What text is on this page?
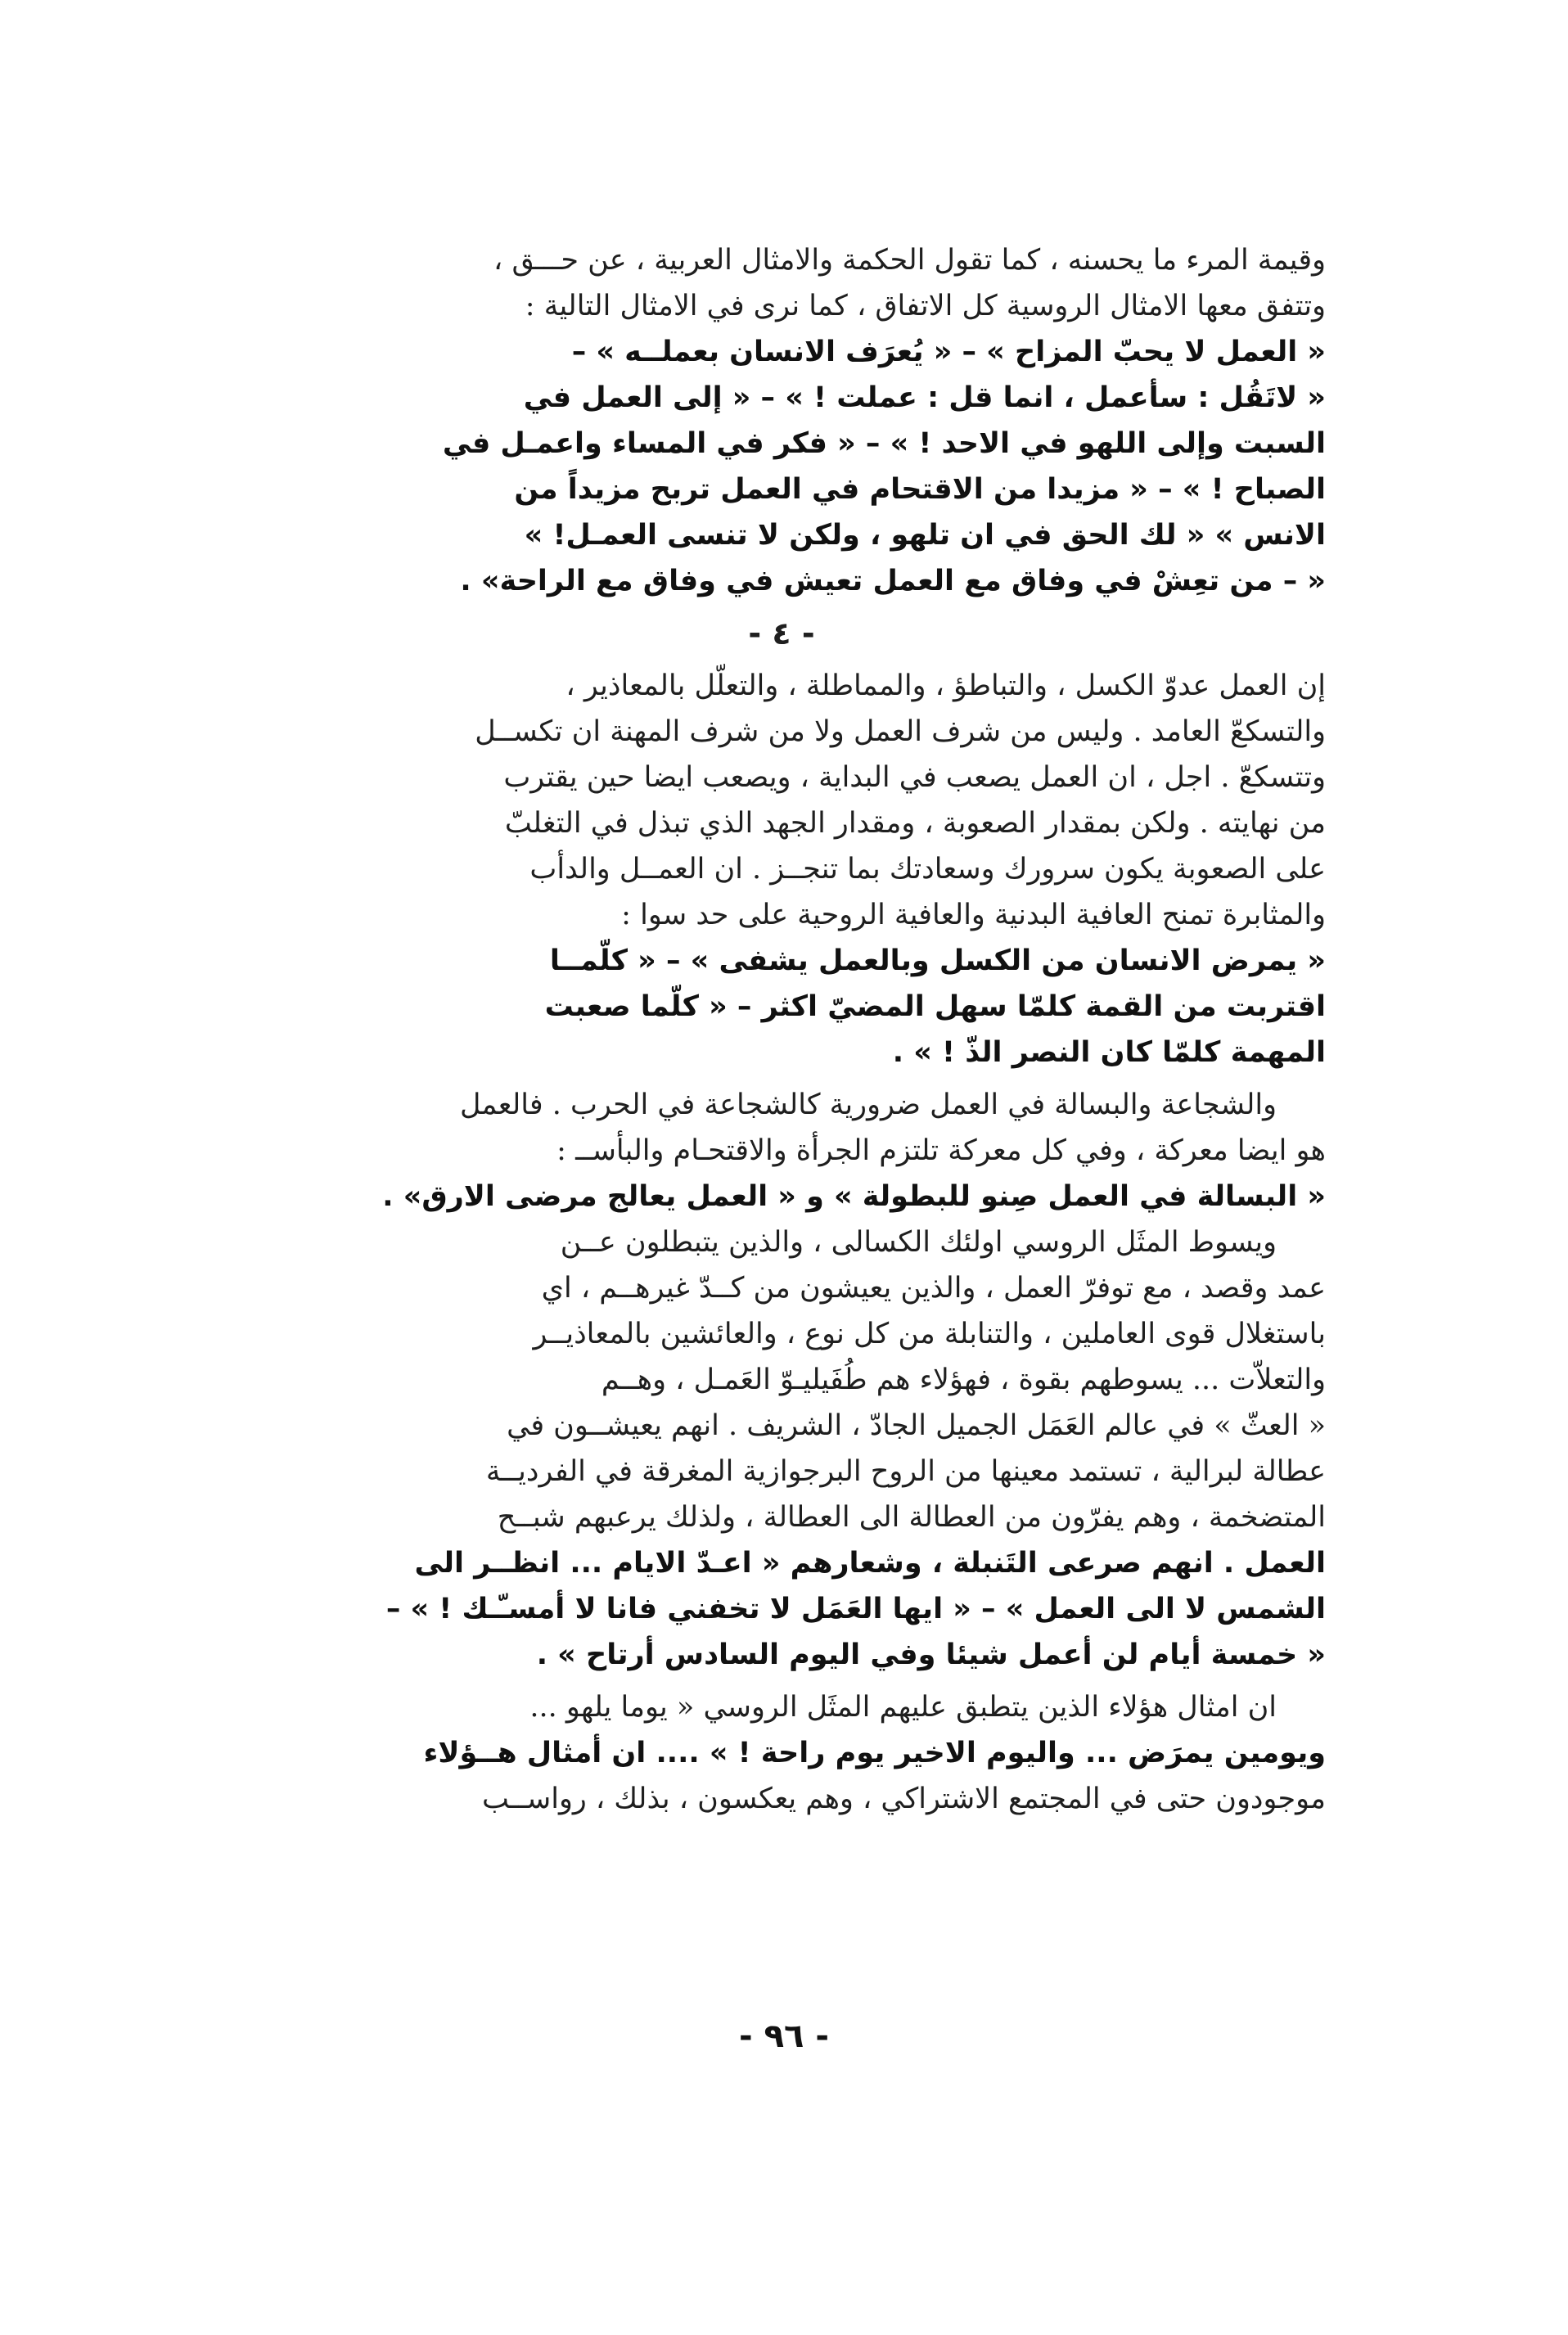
وقيمة المرء ما يحسنه ، كما تقول الحكمة والامثال العربية ، عن حـــق ،
وتتفق معها الامثال الروسية كل الاتفاق ، كما نرى في الامثال التالية :
« العمل لا يحبّ المزاح » – « يُعرَف الانسان بعملــه » –
« لاتَقُل : سأعمل ، انما قل : عملت ! » – « إلى العمل في
السبت وإلى اللهو في الاحد ! » – « فكر في المساء واعمـل في
الصباح ! » – « مزيدا من الاقتحام في العمل تربح مزيداً من
الانس » « لك الحق في ان تلهو ، ولكن لا تنسى العمـل! »
« – من تعِشْ في وفاق مع العمل تعيش في وفاق مع الراحة» .
- ٤ -
إن العمل عدوّ الكسل ، والتباطؤ ، والمماطلة ، والتعلّل بالمعاذير ،
والتسكعّ العامد . وليس من شرف العمل ولا من شرف المهنة ان تكســل
وتتسكعّ . اجل ، ان العمل يصعب في البداية ، ويصعب ايضا حين يقترب
من نهايته . ولكن بمقدار الصعوبة ، ومقدار الجهد الذي تبذل في التغلبّ
على الصعوبة يكون سرورك وسعادتك بما تنجــز . ان العمــل والدأب
والمثابرة تمنح العافية البدنية والعافية الروحية على حد سوا :
« يمرض الانسان من الكسل وبالعمل يشفى » – « كلّمــا
اقتربت من القمة كلمّا سهل المضيّ اكثر – « كلّما صعبت
المهمة كلمّا كان النصر الذّ ! » .
والشجاعة والبسالة في العمل ضرورية كالشجاعة في الحرب . فالعمل
هو ايضا معركة ، وفي كل معركة تلتزم الجرأة والاقتحـام والبأســ :
« البسالة في العمل صِنو للبطولة » و « العمل يعالج مرضى الارق» .
ويسوط المثَل الروسي اولئك الكسالى ، والذين يتبطلون عــن
عمد وقصد ، مع توفرّ العمل ، والذين يعيشون من كــدّ غيرهــم ، اي
باستغلال قوى العاملين ، والتنابلة من كل نوع ، والعائشين بالمعاذيــر
والتعلاّت ... يسوطهم بقوة ، فهؤلاء هم طُفَيليـوّ العَمـل ، وهــم
« العثّ » في عالم العَمَل الجميل الجادّ ، الشريف . انهم يعيشــون في
عطالة لبرالية ، تستمد معينها من الروح البرجوازية المغرقة في الفرديــة
المتضخمة ، وهم يفرّون من العطالة الى العطالة ، ولذلك يرعبهم شبــح
العمل . انهم صرعى التَنبلة ، وشعارهم « اعـدّ الايام ... انظــر الى
الشمس لا الى العمل » – « ايها العَمَل لا تخفني فانا لا أمسـّـك ! » –
« خمسة أيام لن أعمل شيئا وفي اليوم السادس أرتاح » .
ان امثال هؤلاء الذين يتطبق عليهم المثَل الروسي « يوما يلهو ...
ويومين يمرَض ... واليوم الاخير يوم راحة ! » .... ان أمثال هــؤلاء
موجودون حتى في المجتمع الاشتراكي ، وهم يعكسون ، بذلك ، رواســب
- ٩٦ -
